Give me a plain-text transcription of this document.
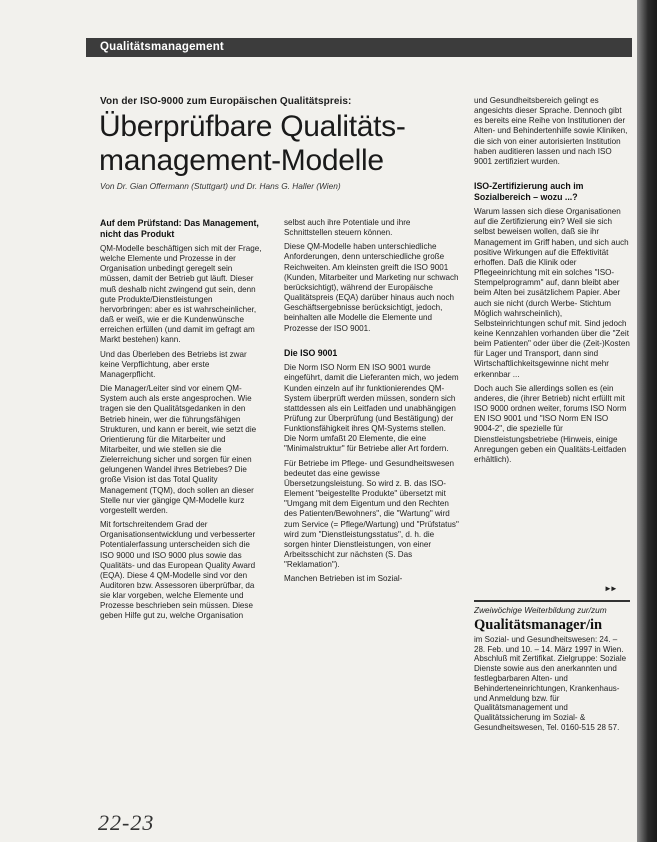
Qualitätsmanagement
Von der ISO-9000 zum Europäischen Qualitätspreis:
Überprüfbare Qualitäts-
management-Modelle
Von Dr. Gian Offermann (Stuttgart) und Dr. Hans G. Haller (Wien)
Auf dem Prüfstand: Das Management, nicht das Produkt

QM-Modelle beschäftigen sich mit der Frage, welche Elemente und Prozesse in der Organisation unbedingt geregelt sein müssen, damit der Betrieb gut läuft. Dieser muß deshalb nicht zwingend gut sein, denn gute Produkte/Dienstleistungen hervorbringen: aber es ist wahrscheinlicher, daß er weiß, wie er die Kundenwünsche erreichen erfüllen (und damit im gefragt am Markt bestehen) kann.

Und das Überleben des Betriebs ist zwar keine Verpflichtung, aber erste Managerpflicht.

Die Manager/Leiter sind vor einem QM-System auch als erste angesprochen. Wie tragen sie den Qualitätsgedanken in den Betrieb hinein, wer die führungsfähigen Strukturen, und kann er bereit, wie setzt die Orientierung für die Mitarbeiter und Mitarbeiter, und wie stellen sie die Zielerreichung sicher und sorgen für einen gelungenen Wandel ihres Betriebes? Die große Vision ist das Total Quality Management (TQM), doch sollen an dieser Stelle nur vier gängige QM-Modelle kurz vorgestellt werden.

Mit fortschreitendem Grad der Organisationsentwicklung und verbesserter Potentialerfassung unterscheiden sich die ISO 9000 und ISO 9000 plus sowie das Qualitäts- und das European Quality Award (EQA). Diese 4 QM-Modelle sind vor den Auditoren bzw. Assessoren überprüfbar, da sie klar vorgeben, welche Elemente und Prozesse beschrieben sein müssen. Diese geben Hilfe gut zu, welche Organisation

selbst auch ihre Potentiale und ihre Schnittstellen steuern können.

Diese QM-Modelle haben unterschiedliche Anforderungen, denn unterschiedliche große Reichweiten. Am kleinsten greift die ISO 9001 (Kunden, Mitarbeiter und Marketing nur schwach berücksichtigt), während der Europäische Qualitätspreis (EQA) darüber hinaus auch noch Geschäftsergebnisse berücksichtigt, jedoch, beinhalten alle Modelle die Elemente und Prozesse der ISO 9001.

Die ISO 9001

Die Norm ISO Norm EN ISO 9001 wurde eingeführt, damit die Lieferanten mich, wo jedem Kunden einzeln auf ihr funktionierendes QM-System überprüft werden müssen, sondern sich stattdessen als ein Leitfaden und unabhängigen Prüfung zur Überprüfung (und Bestätigung) der Funktionsfähigkeit ihres QM-Systems stellen. Die Norm umfaßt 20 Elemente, die eine "Minimalstruktur" für Betriebe aller Art fordern.

Für Betriebe im Pflege- und Gesundheitswesen bedeutet das eine gewisse Übersetzungsleistung. So wird z. B. das ISO-Element "beigestellte Produkte" übersetzt mit "Umgang mit dem Eigentum und den Rechten des Patienten/Bewohners", die "Wartung" wird zum Service (= Pflege/Wartung) und "Prüfstatus" wird zum "Dienstleistungsstatus", d. h. die sorgen hinter Dienstleistungen, von einer Arbeitsschicht zur nächsten (S. Das "Reklamation").

Manchen Betrieben ist im Sozial-

und Gesundheitsbereich gelingt es angesichts dieser Sprache. Dennoch gibt es bereits eine Reihe von Institutionen der Alten- und Behindertenhilfe sowie Kliniken, die sich von einer autorisierten Institution haben auditieren lassen und nach ISO 9001 zertifiziert wurden.

ISO-Zertifizierung auch im Sozialbereich – wozu ...?

Warum lassen sich diese Organisationen auf die Zertifizierung ein? Weil sie sich selbst beweisen wollen, daß sie ihr Management im Griff haben, und sich auch positive Wirkungen auf die Effektivität erhoffen. Daß die Klinik oder Pflegeeinrichtung mit ein solches "ISO-Stempelprogramm" auf, dann bleibt aber beim Alten bei zusätzlichem Papier. Aber auch sie nicht (durch Werbe- Stichtum Möglich wahrscheinlich), Selbsteinrichtungen schuf mit. Sind jedoch keine Kennzahlen vorhanden über die "Zeit beim Patienten" oder über die (Zeit-)Kosten für Lager und Transport, dann sind Wirtschaftlichkeitsgewinne nicht mehr erkennbar ...

Doch auch Sie allerdings sollen es (ein anderes, die (ihrer Betrieb) nicht erfüllt mit ISO 9000 ordnen weiter, forums ISO Norm EN ISO 9001 und "ISO Norm EN ISO 9004-2", die spezielle für Dienstleistungsbetriebe (Hinweis, einige Anregungen geben ein Qualitäts-Leitfaden erhältlich).

►►

Zweiwöchige Weiterbildung zur/zum

Qualitätsmanager/in

im Sozial- und Gesundheitswesen: 24. – 28. Feb. und 10. – 14. März 1997 in Wien. Abschluß mit Zertifikat. Zielgruppe: Soziale Dienste sowie aus den anerkannten und festlegbarbaren Alten- und Behinderteneinrichtungen, Krankenhaus- und Anmeldung bzw. für Qualitätsmanagement und Qualitätssicherung im Sozial- & Gesundheitswesen, Tel. 0160-515 28 57.

22-23
